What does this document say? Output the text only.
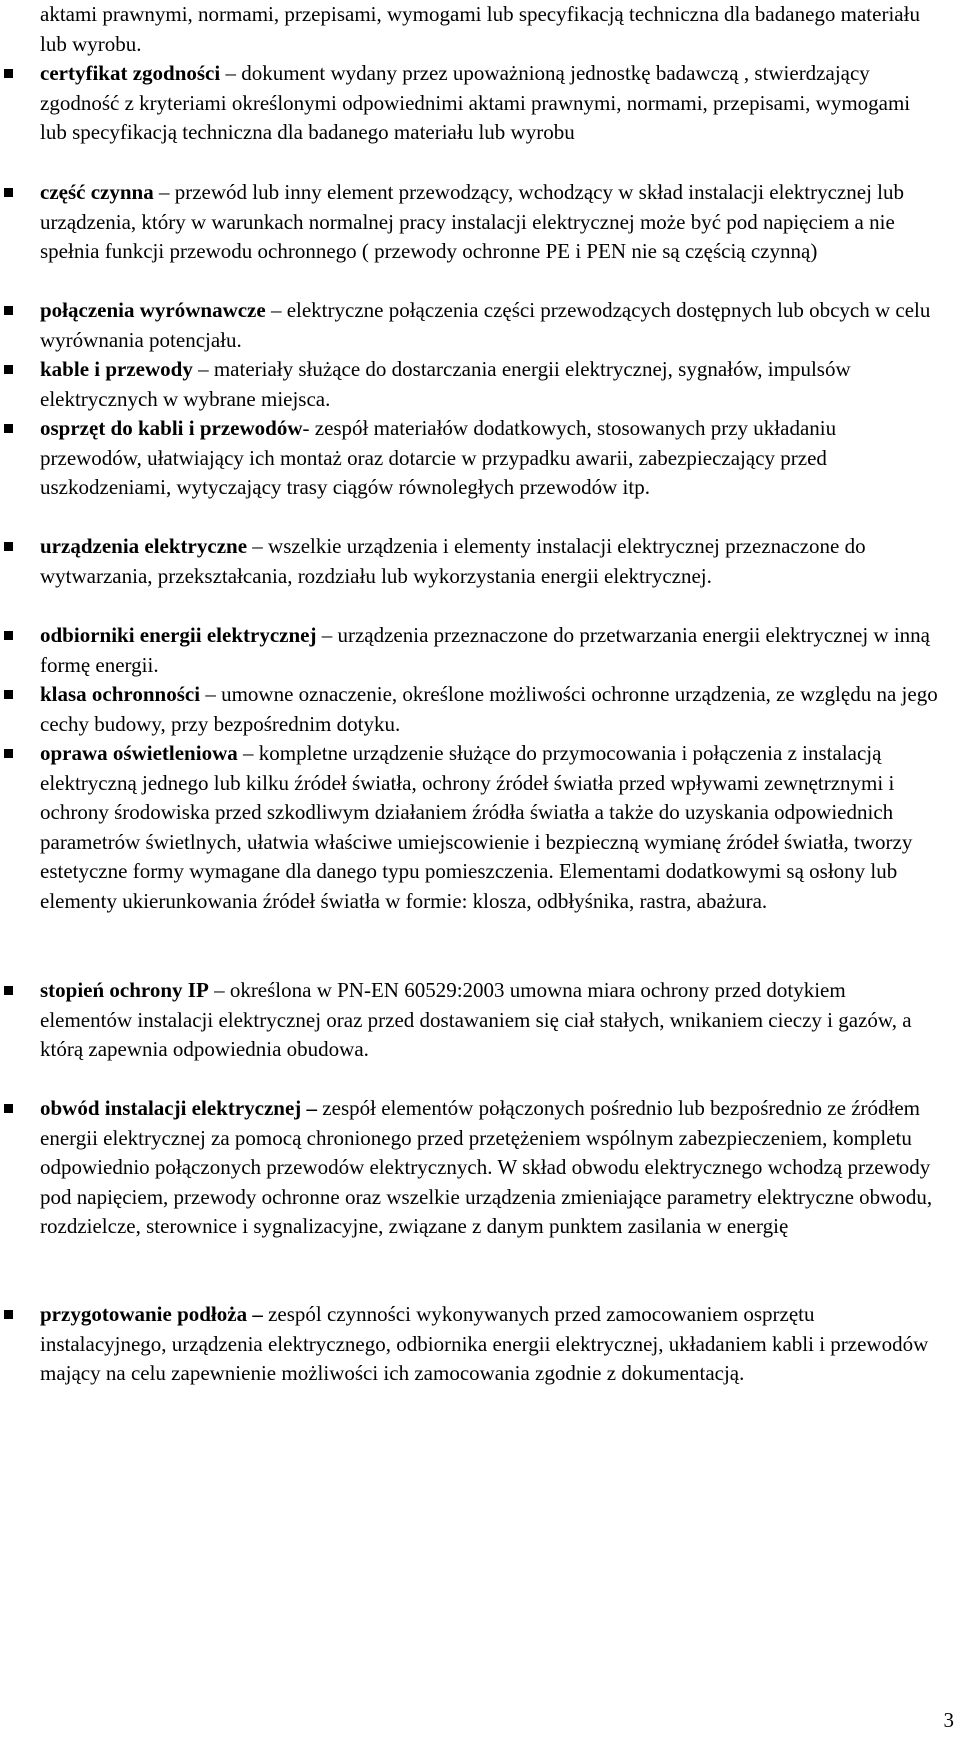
aktami prawnymi, normami, przepisami, wymogami lub specyfikacją techniczna dla badanego materiału lub wyrobu.
certyfikat zgodności – dokument wydany przez upoważnioną jednostkę badawczą , stwierdzający zgodność z kryteriami określonymi odpowiednimi aktami prawnymi, normami, przepisami, wymogami lub specyfikacją techniczna dla badanego materiału lub wyrobu
część czynna – przewód lub inny element przewodzący, wchodzący w skład instalacji elektrycznej lub urządzenia, który w warunkach normalnej pracy instalacji elektrycznej może być pod napięciem a nie spełnia funkcji przewodu ochronnego ( przewody ochronne PE i PEN nie są częścią czynną)
połączenia wyrównawcze – elektryczne połączenia części przewodzących dostępnych lub obcych w celu wyrównania potencjału.
kable i przewody – materiały służące do dostarczania energii elektrycznej, sygnałów, impulsów elektrycznych w wybrane miejsca.
osprzęt do kabli i przewodów- zespół materiałów dodatkowych, stosowanych przy układaniu przewodów, ułatwiający ich montaż oraz dotarcie w przypadku awarii, zabezpieczający przed uszkodzeniami, wytyczający trasy ciągów równoległych przewodów itp.
urządzenia elektryczne – wszelkie urządzenia i elementy instalacji elektrycznej przeznaczone do wytwarzania, przekształcania, rozdziału lub wykorzystania energii elektrycznej.
odbiorniki energii elektrycznej – urządzenia przeznaczone do przetwarzania energii elektrycznej w inną formę energii.
klasa ochronności – umowne oznaczenie, określone możliwości ochronne urządzenia, ze względu na jego cechy budowy, przy bezpośrednim dotyku.
oprawa oświetleniowa – kompletne urządzenie służące do przymocowania i połączenia z instalacją elektryczną jednego lub kilku źródeł światła, ochrony źródeł światła przed wpływami zewnętrznymi i ochrony środowiska przed szkodliwym działaniem źródła światła a także do uzyskania odpowiednich parametrów świetlnych, ułatwia właściwe umiejscowienie i bezpieczną wymianę źródeł światła, tworzy estetyczne formy wymagane dla danego typu pomieszczenia. Elementami dodatkowymi są osłony lub elementy ukierunkowania źródeł światła w formie: klosza, odbłyśnika, rastra, abażura.
stopień ochrony IP – określona w PN-EN 60529:2003 umowna miara ochrony przed dotykiem elementów instalacji elektrycznej oraz przed dostawaniem się ciał stałych, wnikaniem cieczy i gazów, a którą zapewnia odpowiednia obudowa.
obwód instalacji elektrycznej – zespół elementów połączonych pośrednio lub bezpośrednio ze źródłem energii elektrycznej za pomocą chronionego przed przetężeniem wspólnym zabezpieczeniem, kompletu odpowiednio połączonych przewodów elektrycznych. W skład obwodu elektrycznego wchodzą przewody pod napięciem, przewody ochronne oraz wszelkie urządzenia zmieniające parametry elektryczne obwodu, rozdzielcze, sterownice i sygnalizacyjne, związane z danym punktem zasilania w energię
przygotowanie podłoża – zespól czynności wykonywanych przed zamocowaniem osprzętu instalacyjnego, urządzenia elektrycznego, odbiornika energii elektrycznej, układaniem kabli i przewodów mający na celu zapewnienie możliwości ich zamocowania zgodnie z dokumentacją.
3
